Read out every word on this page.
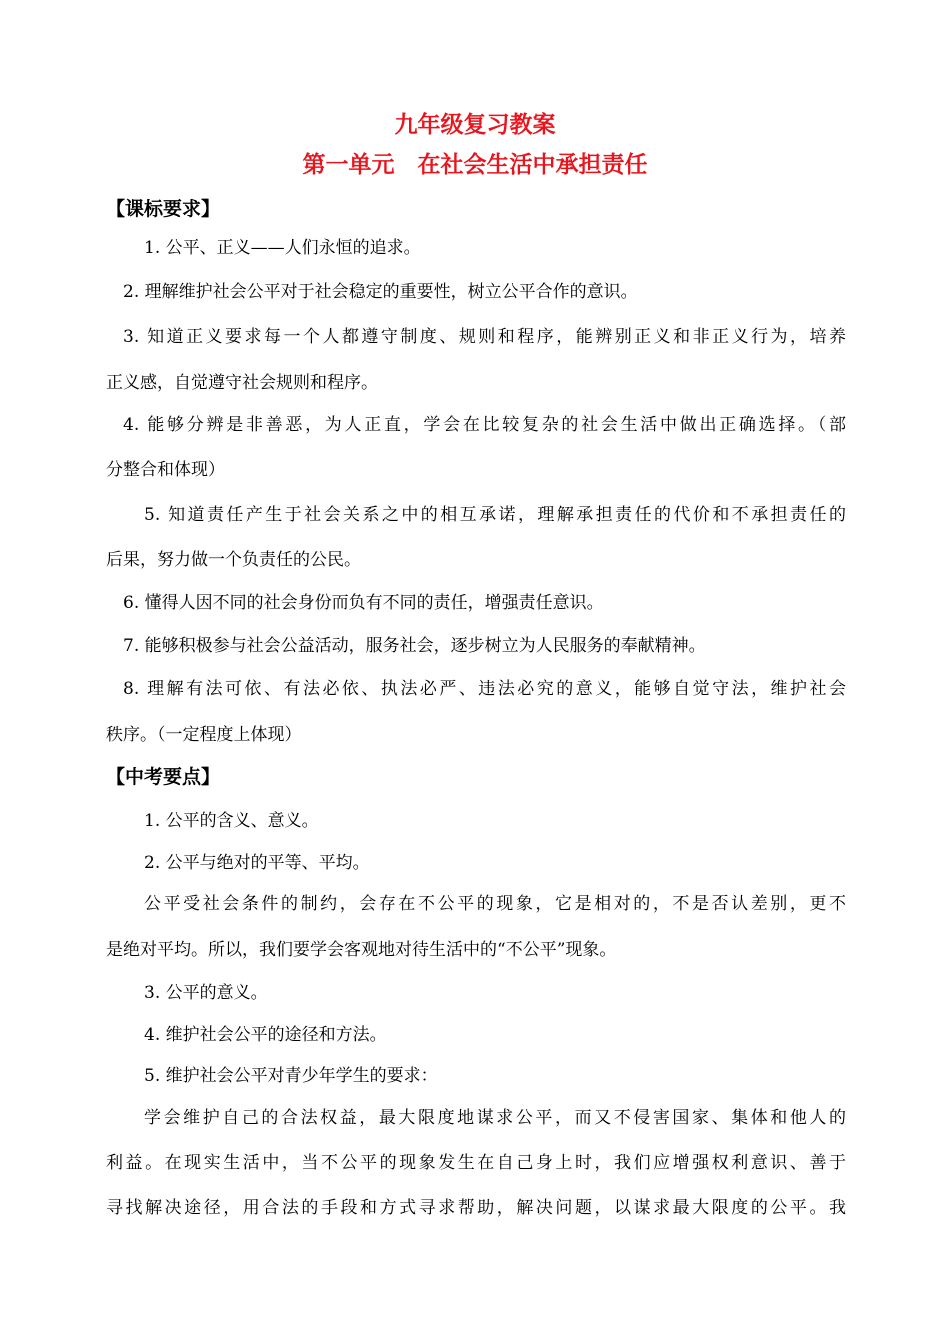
九年级复习教案
第一单元　在社会生活中承担责任
【课标要求】
1. 公平、正义——人们永恒的追求。
2. 理解维护社会公平对于社会稳定的重要性，树立公平合作的意识。
3. 知道正义要求每一个人都遵守制度、规则和程序，能辨别正义和非正义行为，培养
正义感，自觉遵守社会规则和程序。
4. 能够分辨是非善恶，为人正直，学会在比较复杂的社会生活中做出正确选择。（部
分整合和体现）
5. 知道责任产生于社会关系之中的相互承诺，理解承担责任的代价和不承担责任的
后果，努力做一个负责任的公民。
6. 懂得人因不同的社会身份而负有不同的责任，增强责任意识。
7. 能够积极参与社会公益活动，服务社会，逐步树立为人民服务的奉献精神。
8. 理解有法可依、有法必依、执法必严、违法必究的意义，能够自觉守法，维护社会
秩序。（一定程度上体现）
【中考要点】
1. 公平的含义、意义。
2. 公平与绝对的平等、平均。
公平受社会条件的制约，会存在不公平的现象，它是相对的，不是否认差别，更不
是绝对平均。所以，我们要学会客观地对待生活中的“不公平”现象。
3. 公平的意义。
4. 维护社会公平的途径和方法。
5. 维护社会公平对青少年学生的要求：
学会维护自己的合法权益，最大限度地谋求公平，而又不侵害国家、集体和他人的
利益。在现实生活中，当不公平的现象发生在自己身上时，我们应增强权利意识、善于
寻找解决途径，用合法的手段和方式寻求帮助，解决问题，以谋求最大限度的公平。我
